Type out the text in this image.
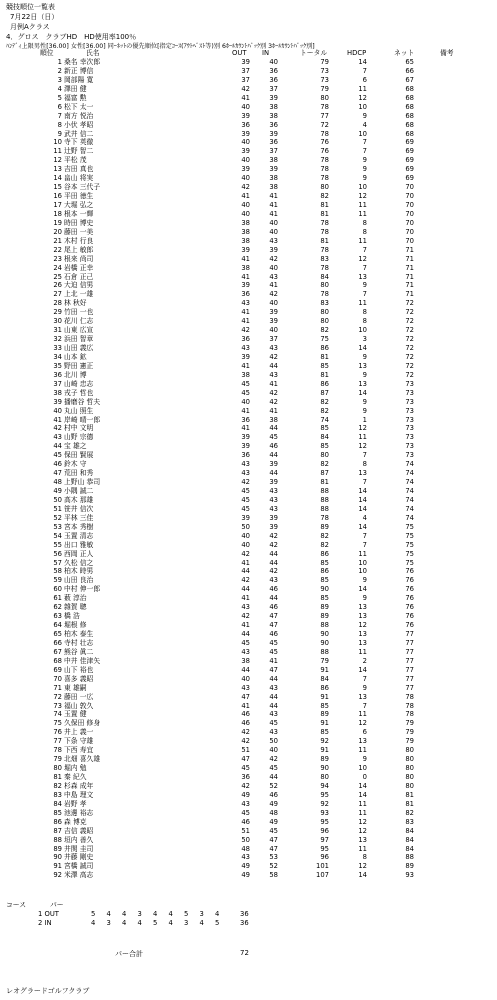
競技順位一覧表
7月22日（日）
月例Aクラス
4．グロス　クラブHD　HD使用率100％
ﾊﾝﾃﾞｨ上限男性[36.00] 女性[36.00] 同ｰﾈｯﾄの優先順位[指定ｺｰｽ(ｱｳﾄﾍﾞｽﾄ等)別 6ﾎｰﾙｶｳﾝﾄﾊﾞｯｸ別 3ﾎｰﾙｶｳﾝﾄﾊﾞｯｸ別]
順位	氏名	OUT IN	トータル	HDCP	ネット	備考
1 桑名 幸次郎	39	40	79	14	65
2 新正 博信	37	36	73	7	66
3 岡部陽 寛	37	36	73	6	67
4 澤田 健	42	37	79	11	68
5 福富 勲	41	39	80	12	68
6 松下 太一	40	38	78	10	68
7 南方 悦治	39	38	77	9	68
8 小伏 孝昭	36	36	72	4	68
9 武井 信二	39	39	78	10	68
10 寺下 英徹	40	36	76	7	69
11 辻野 智二	39	37	76	7	69
12 平松 茂	40	38	78	9	69
13 吉田 真也	39	39	78	9	69
14 畠山 将実	40	38	78	9	69
15 谷本 三代子	42	38	80	10	70
16 平田 徳生	41	41	82	12	70
17 大堀 弘之	40	41	81	11	70
18 根本 一輝	40	41	81	11	70
19 時田 博史	38	40	78	8	70
20 藤田 一美	38	40	78	8	70
21 木村 行良	38	43	81	11	70
22 尾上 敏郎	39	39	78	7	71
23 根来 尚司	41	42	83	12	71
24 岩橋 正幸	38	40	78	7	71
25 石倉 正己	41	43	84	13	71
26 大迫 信男	39	41	80	9	71
27 上北 一雄	36	42	78	7	71
28 林 秋好	43	40	83	11	72
29 竹田 一也	41	39	80	8	72
30 花川 仁志	41	39	80	8	72
31 山東 広宣	42	40	82	10	72
32 浜田 智章	36	37	75	3	72
33 山田 義広	43	43	86	14	72
34 山本 鉱	39	42	81	9	72
35 野田 憲正	41	44	85	13	72
36 北川 博	38	43	81	9	72
37 山崎 忠志	45	41	86	13	73
38 戎子 哲也	45	42	87	14	73
39 播磨谷 哲夫	40	42	82	9	73
40 丸山 照生	41	41	82	9	73
41 岸崎 晴一郎	36	38	74	1	73
42 村中 文明	41	44	85	12	73
43 山野 宗德	39	45	84	11	73
44 宝 雄之	39	46	85	12	73
45 保田 賢展	36	44	80	7	73
46 鈴木 守	43	39	82	8	74
47 荒田 和秀	43	44	87	13	74
48 上野山 恭司	42	39	81	7	74
49 小隅 誠二	45	43	88	14	74
50 高木 那雄	45	43	88	14	74
51 笹井 信次	45	43	88	14	74
52 平林 三佳	39	39	78	4	74
53 宮本 秀樹	50	39	89	14	75
54 玉置 清志	40	42	82	7	75
55 出口 雅敏	40	42	82	7	75
56 西岡 正人	42	44	86	11	75
57 久松 信之	41	44	85	10	75
58 柏木 時男	44	42	86	10	76
59 山田 良治	42	43	85	9	76
60 中村 伸一郎	44	46	90	14	76
61 薮 淳治	41	44	85	9	76
62 雜賀 聰	43	46	89	13	76
63 橋 浩	42	47	89	13	76
64 堀根 修	41	47	88	12	76
65 柏木 泰生	44	46	90	13	77
66 寺村 壮志	45	45	90	13	77
67 熊谷 眞二	43	45	88	11	77
68 中井 佳津矢	38	41	79	2	77
69 山下 裕也	44	47	91	14	77
70 喜多 義昭	40	44	84	7	77
71 東 雄嗣	43	43	86	9	77
72 藤田 一広	47	44	91	13	78
73 福山 敦久	41	44	85	7	78
74 玉置 健	46	43	89	11	78
75 久保田 修身	46	45	91	12	79
76 井上 義一	42	43	85	6	79
77 下条 守雄	42	50	92	13	79
78 下西 寿宜	51	40	91	11	80
79 北畑 喜久雄	47	42	89	9	80
80 堀内 勉	45	45	90	10	80
81 秦 紀久	36	44	80	0	80
82 杉森 成年	42	52	94	14	80
83 中島 理文	49	46	95	14	81
84 岩野 孝	43	49	92	11	81
85 池邊 裕志	45	48	93	11	82
86 森 博克	46	49	95	12	83
87 吉信 義昭	51	45	96	12	84
88 垣内 善久	50	47	97	13	84
89 井関 圭司	48	47	95	11	84
90 井藤 剛史	43	53	96	8	88
91 宮橋 誠司	49	52	101	12	89
92 米澤 高志	49	58	107	14	93
コース	パー
1 OUT	5 4 4 3 4 4 5 3 4	36
2 IN	4 3 4 4 5 4 3 4 5	36
パー合計	72
レオグラードゴルフクラブ
